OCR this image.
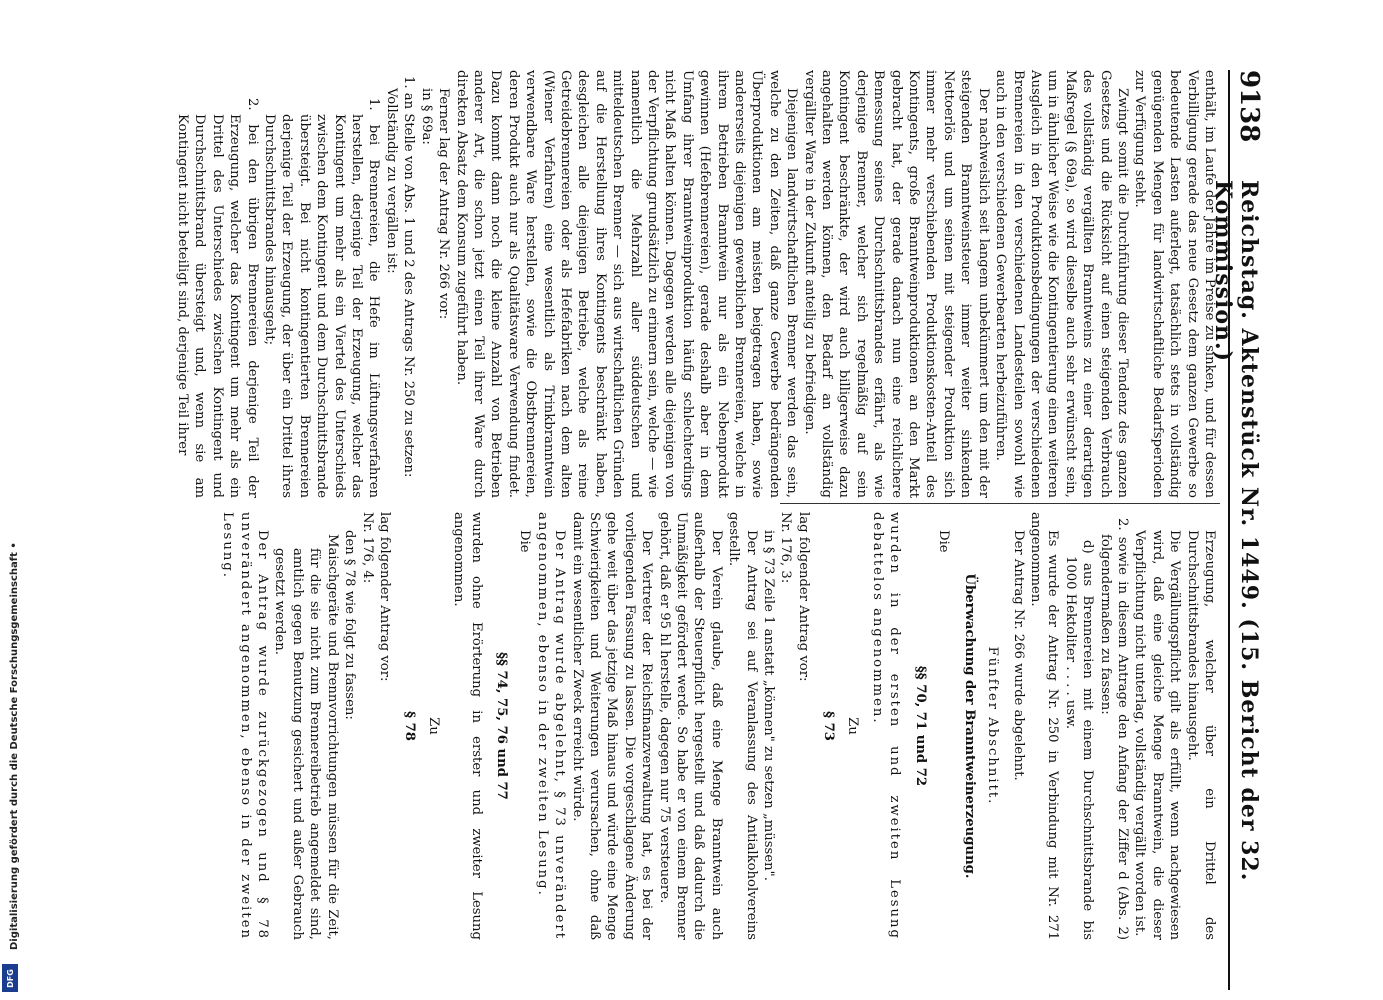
9138
Reichstag. Aktenstück Nr. 1449. (15. Bericht der 32. Kommission.)

enthält, im Laufe der Jahre im Preise zu sinken, und für dessen Verbilligung gerade das neue Gesetz dem ganzen Gewerbe so bedeutende Lasten auferlegt, tatsächlich stets in vollständig genügenden Mengen für landwirtschaftliche Bedarfsperioden zur Verfügung steht.

Zwingt somit die Durchführung dieser Tendenz des ganzen Gesetzes und die Rücksicht auf einen steigenden Verbrauch des vollständig vergällten Branntweins zu einer derartigen Maßregel (§ 69a), so wird dieselbe auch sehr erwünscht sein, um in ähnlicher Weise wie die Kontingentierung einen weiteren Ausgleich in den Produktionsbedingungen der verschiedenen Brennereien in den verschiedenen Landesteilen sowohl wie auch in den verschiedenen Gewerbearten herbeizuführen.

Der nachweislich seit langem unbekümmert um den mit der steigenden Branntweinsteuer immer weiter sinkenden Nettoerlös und um seinen mit steigender Produktion sich immer mehr verschiebenden Produktionskosten-Anteil des Kontingents, große Branntweinproduktionen an den Markt gebracht hat, der gerade danach nun eine reichlichere Bemessung seines Durchschnittsbrandes erfährt, als wie derjenige Brenner, welcher sich regelmäßig auf sein Kontingent beschränkte, der wird auch billigerweise dazu angehalten werden können, den Bedarf an vollständig vergällter Ware in der Zukunft anteilig zu befriedigen.

Diejenigen landwirtschaftlichen Brenner werden das sein, welche zu den Zeiten, daß ganze Gewerbe bedrängenden Überproduktionen am meisten beigetragen haben, sowie andererseits diejenigen gewerblichen Brennereien, welche in ihrem Betrieben Branntwein nur als ein Nebenprodukt gewinnen (Hefebrennereien), gerade deshalb aber in dem Umfang ihrer Branntweinproduktion häufig schlechterdings nicht Maß halten können. Dagegen werden alle diejenigen von der Verpflichtung grundsätzlich zu erinnern sein, welche — wie namentlich die Mehrzahl aller süddeutschen und mitteldeutschen Brenner — sich aus wirtschaftlichen Gründen auf die Herstellung ihres Kontingents beschränkt haben, desgleichen alle diejenigen Betriebe, welche als reine Getreidebrennereien oder als Hefefabriken nach dem alten (Wiener Verfahren) eine wesentlich als Trinkbranntwein verwendbare Ware herstellen, sowie die Obstbrennereien, deren Produkt auch nur als Qualitätsware Verwendung findet. Dazu kommt dann noch die kleine Anzahl von Betrieben anderer Art, die schon jetzt einen Teil ihrer Ware durch direkten Absatz dem Konsum zugeführt haben.

Ferner lag der Antrag Nr. 266 vor:

in § 69a:

1. an Stelle von Abs. 1 und 2 des Antrags Nr. 250 zu setzen:

Vollständig zu vergällen ist:

1. bei Brennereien, die Hefe im Lüftungsverfahren herstellen, derjenige Teil der Erzeugung, welcher das Kontingent um mehr als ein Viertel des Unterschieds zwischen dem Kontingent und dem Durchschnittsbrande übersteigt. Bei nicht kontingentierten Brennereien derjenige Teil der Erzeugung, der über ein Drittel ihres Durchschnittsbrandes hinausgeht;

2. bei den übrigen Brennereien derjenige Teil der Erzeugung, welcher das Kontingent um mehr als ein Drittel des Unterschiedes zwischen Kontingent und Durchschnittsbrand übersteigt und, wenn sie am Kontingent nicht beteiligt sind, derjenige Teil ihrer

Erzeugung, welcher über ein Drittel des Durchschnittsbrandes hinausgeht.

Die Vergällungspflicht gilt als erfüllt, wenn nachgewiesen wird, daß eine gleiche Menge Branntwein, die dieser Verpflichtung nicht unterlag, vollständig vergällt worden ist.

2. sowie in diesem Antrage den Anfang der Ziffer d (Abs. 2) folgendermaßen zu fassen:

d) aus Brennereien mit einem Durchschnittsbrande bis 1000 Hektoliter . . . . usw.

Es wurde der Antrag Nr. 250 in Verbindung mit Nr. 271 angenommen.

Der Antrag Nr. 266 wurde abgelehnt.

Fünfter Abschnitt.

Überwachung der Branntweinerzeugung.

Die

§§ 70, 71 und 72

wurden in der ersten und zweiten Lesung debattelos angenommen.

Zu

§ 73

lag folgender Antrag vor:

Nr. 176, 3:

in § 73 Zeile 1 anstatt „können" zu setzen „müssen".

Der Antrag sei auf Veranlassung des Antialkoholvereins gestellt.

Der Verein glaube, daß eine Menge Branntwein auch außerhalb der Steuerpflicht hergestellt und daß dadurch die Unmäßigkeit gefördert werde. So habe er von einem Brenner gehört, daß er 95 hl herstelle, dagegen nur 75 versteuere.

Der Vertreter der Reichsfinanzverwaltung hat, es bei der vorliegenden Fassung zu lassen. Die vorgeschlagene Änderung gehe weit über das jetzige Maß hinaus und würde eine Menge Schwierigkeiten und Weiterungen verursachen, ohne daß damit ein wesentlicher Zweck erreicht würde.

Der Antrag wurde abgelehnt, § 73 unverändert angenommen, ebenso in der zweiten Lesung.

Die

§§ 74, 75, 76 und 77

wurden ohne Erörterung in erster und zweiter Lesung angenommen.

Zu

§ 78

lag folgender Antrag vor:

Nr. 176, 4:

den § 78 wie folgt zu fassen:

Maischgeräte und Brennvorrichtungen müssen für die Zeit, für die sie nicht zum Brennereibetrieb angemeldet sind, amtlich gegen Benutzung gesichert und außer Gebrauch gesetzt werden.

Der Antrag wurde zurückgezogen und § 78 unverändert angenommen, ebenso in der zweiten Lesung.

Digitalisierung gefördert durch die Deutsche Forschungsgemeinschaft •
DFG
